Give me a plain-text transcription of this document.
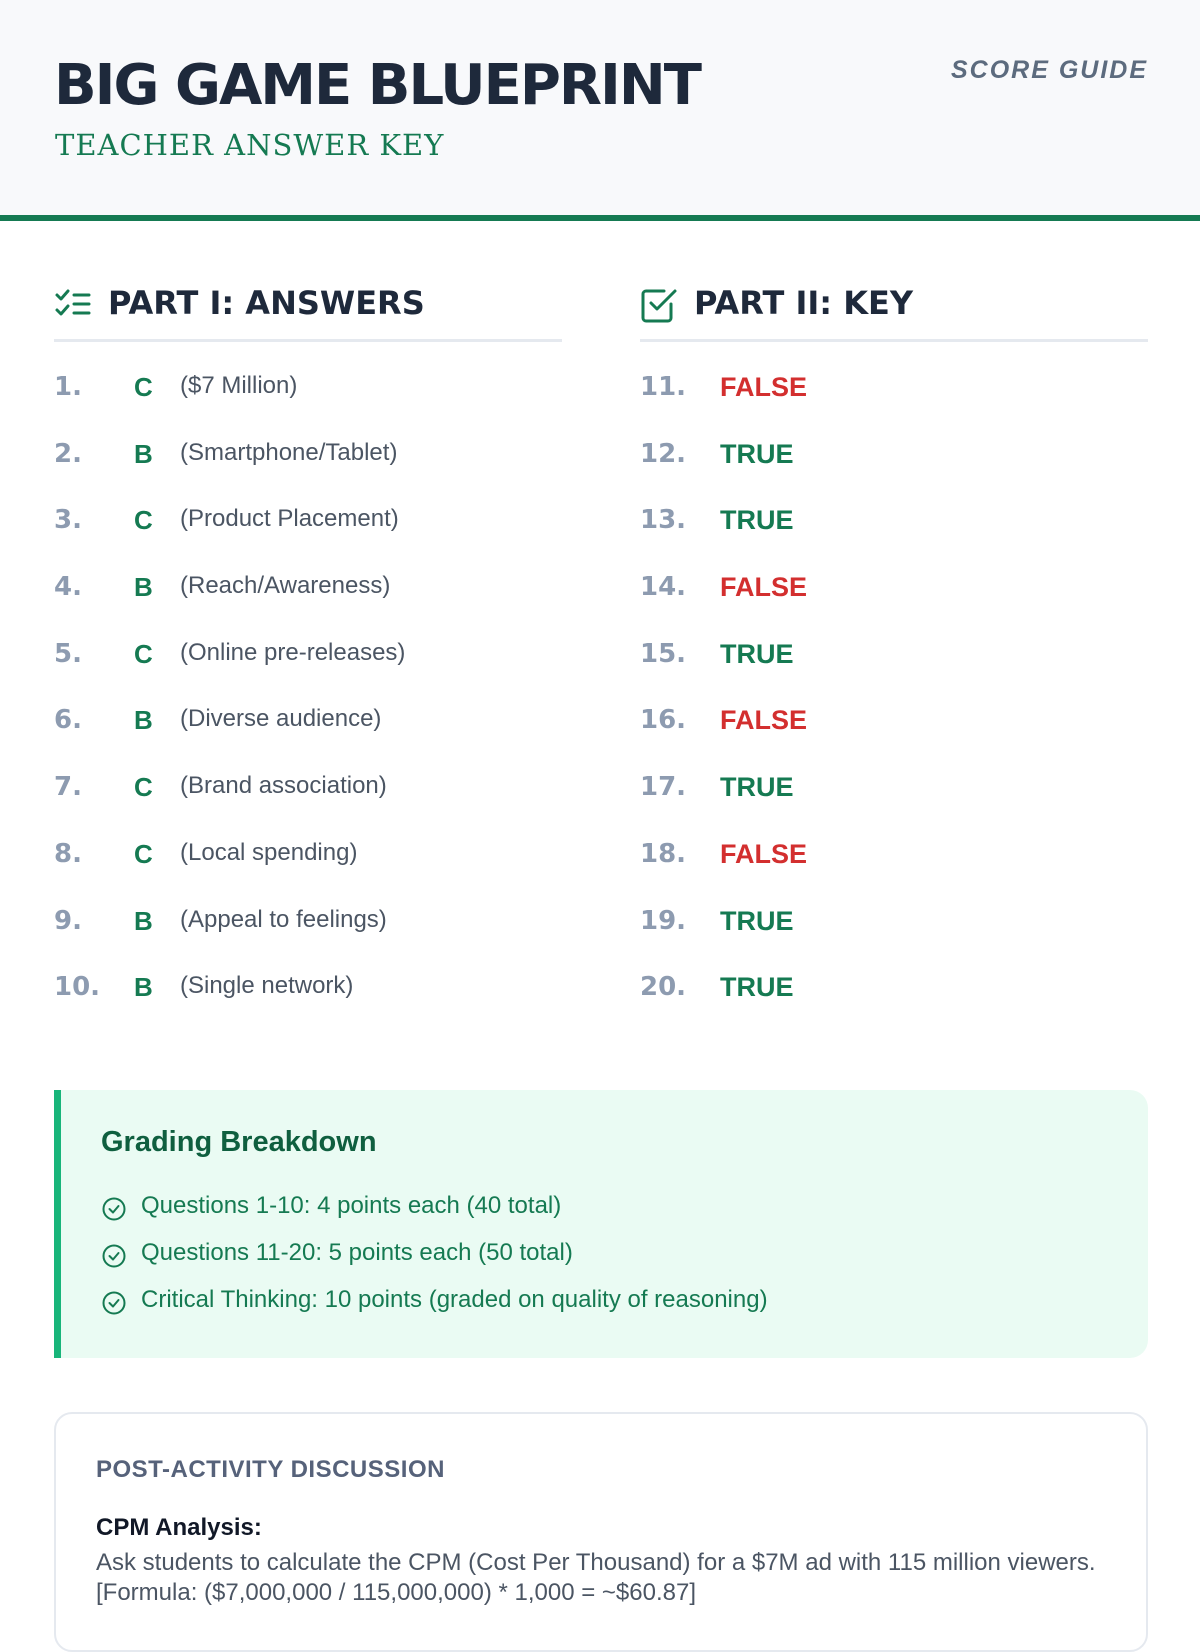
BIG GAME BLUEPRINT
TEACHER ANSWER KEY
SCORE GUIDE
PART I: ANSWERS
1. C ($7 Million)
2. B (Smartphone/Tablet)
3. C (Product Placement)
4. B (Reach/Awareness)
5. C (Online pre-releases)
6. B (Diverse audience)
7. C (Brand association)
8. C (Local spending)
9. B (Appeal to feelings)
10. B (Single network)
PART II: KEY
11. FALSE
12. TRUE
13. TRUE
14. FALSE
15. TRUE
16. FALSE
17. TRUE
18. FALSE
19. TRUE
20. TRUE
Grading Breakdown
Questions 1-10: 4 points each (40 total)
Questions 11-20: 5 points each (50 total)
Critical Thinking: 10 points (graded on quality of reasoning)
POST-ACTIVITY DISCUSSION
CPM Analysis:
Ask students to calculate the CPM (Cost Per Thousand) for a $7M ad with 115 million viewers. [Formula: ($7,000,000 / 115,000,000) * 1,000 = ~$60.87]
